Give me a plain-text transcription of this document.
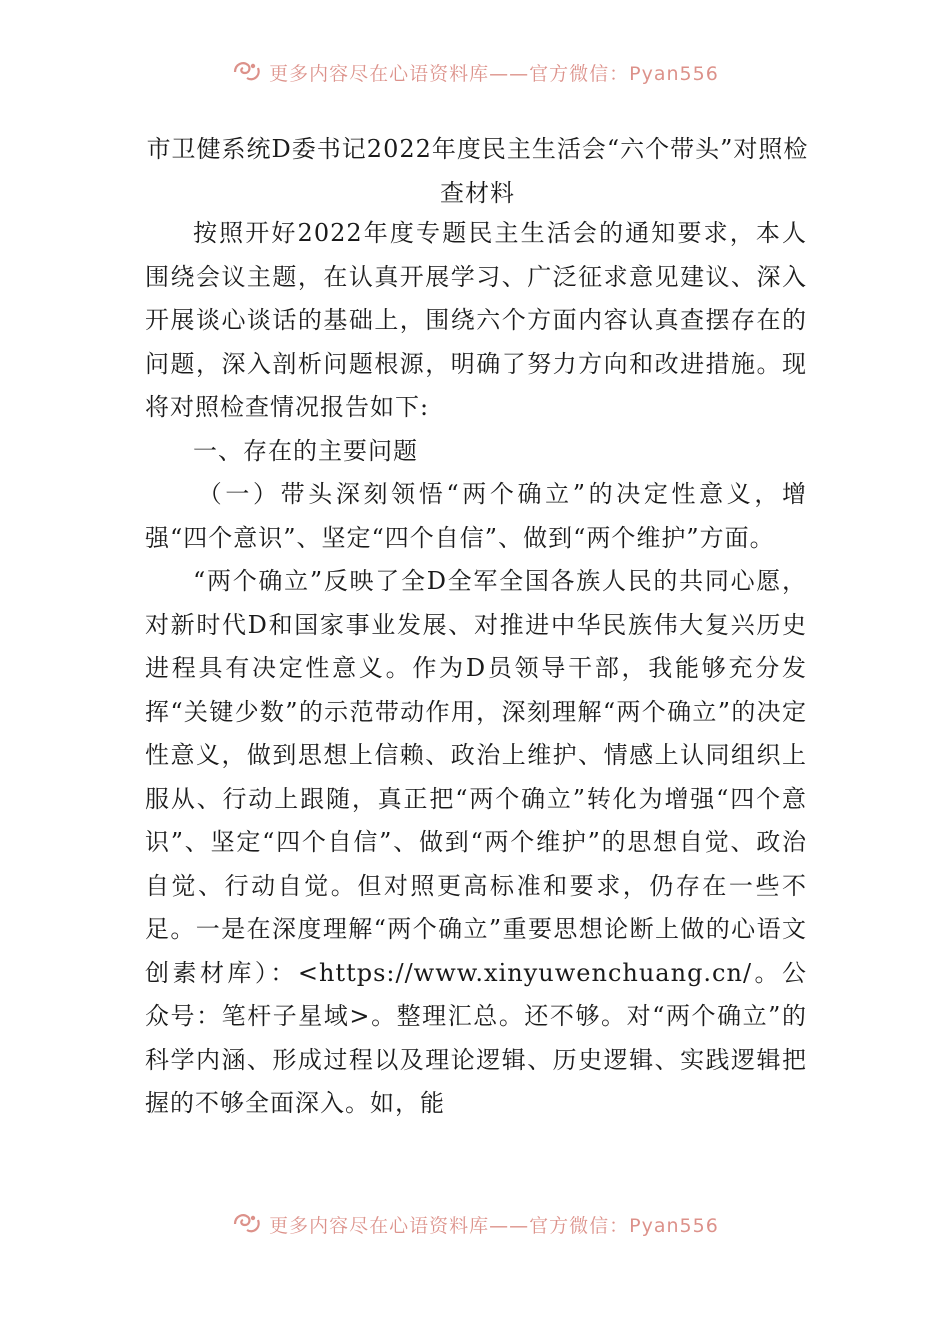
更多内容尽在心语资料库——官方微信：Pyan556
市卫健系统D委书记2022年度民主生活会“六个带头”对照检查材料

按照开好2022年度专题民主生活会的通知要求，本人围绕会议主题，在认真开展学习、广泛征求意见建议、深入开展谈心谈话的基础上，围绕六个方面内容认真查摆存在的问题，深入剖析问题根源，明确了努力方向和改进措施。现将对照检查情况报告如下:

一、存在的主要问题

（一）带头深刻领悟“两个确立”的决定性意义，增强“四个意识”、坚定“四个自信”、做到“两个维护”方面。

“两个确立”反映了全D全军全国各族人民的共同心愿，对新时代D和国家事业发展、对推进中华民族伟大复兴历史进程具有决定性意义。作为D员领导干部，我能够充分发挥“关键少数”的示范带动作用，深刻理解“两个确立”的决定性意义，做到思想上信赖、政治上维护、情感上认同组织上服从、行动上跟随，真正把“两个确立”转化为增强“四个意识”、坚定“四个自信”、做到“两个维护”的思想自觉、政治自觉、行动自觉。但对照更高标准和要求，仍存在一些不足。一是在深度理解“两个确立”重要思想论断上做的心语文创素材库）：<https://www.xinyuwenchuang.cn/。公众号：笔杆子星域>。整理汇总。还不够。对“两个确立”的科学内涵、形成过程以及理论逻辑、历史逻辑、实践逻辑把握的不够全面深入。如，能

更多内容尽在心语资料库——官方微信：Pyan556
